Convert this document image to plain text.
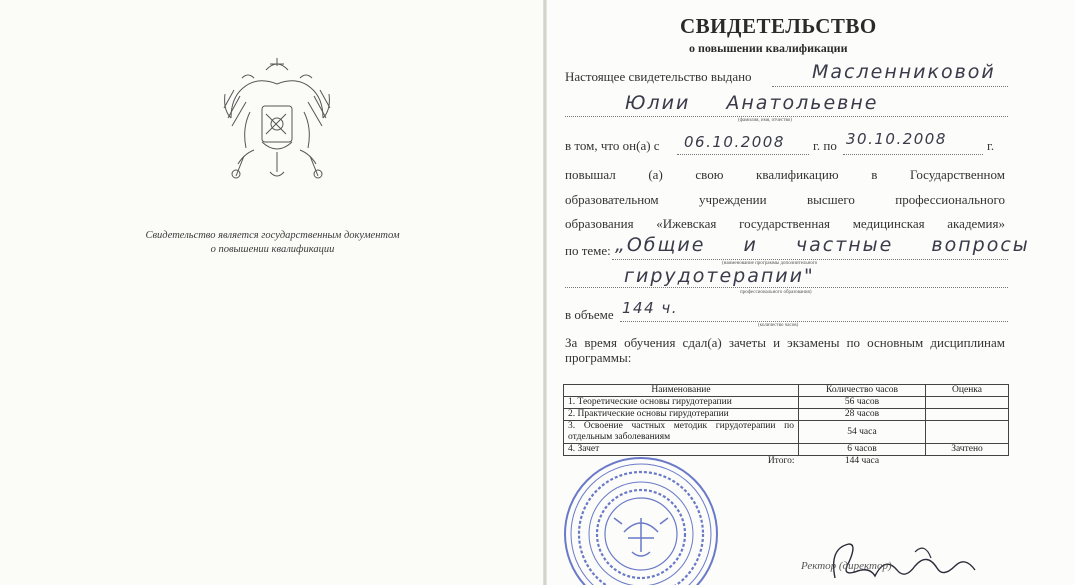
Свидетельство является государственным документом
о повышении квалификации
СВИДЕТЕЛЬСТВО
о повышении квалификации
Настоящее свидетельство выдано	Масленниковой
Юлии Анатольевне
(фамилия, имя, отчество)
в том, что он(а) с 06.10.2008 г. по 30.10.2008	г.
повышал (а) свою квалификацию в Государственном
образовательном учреждении высшего профессионального
образования «Ижевская государственная медицинская академия»
по теме: „Общие и частные вопросы
(наименование программы дополнительного
гирудотерапии"
профессионального образования)
в объеме 144 ч.
(количество часов)
За время обучения сдал(а) зачеты и экзамены по основным дисциплинам
программы:
Наименование	Количество часов	Оценка
1. Теоретические основы гирудотерапии	56 часов	
2. Практические основы гирудотерапии	28 часов	
3. Освоение частных методик гирудотерапии по отдельным заболеваниям	54 часа	
4. Зачет	6 часов	Зачтено
Итого:	144 часа	
Ректор (директор)
